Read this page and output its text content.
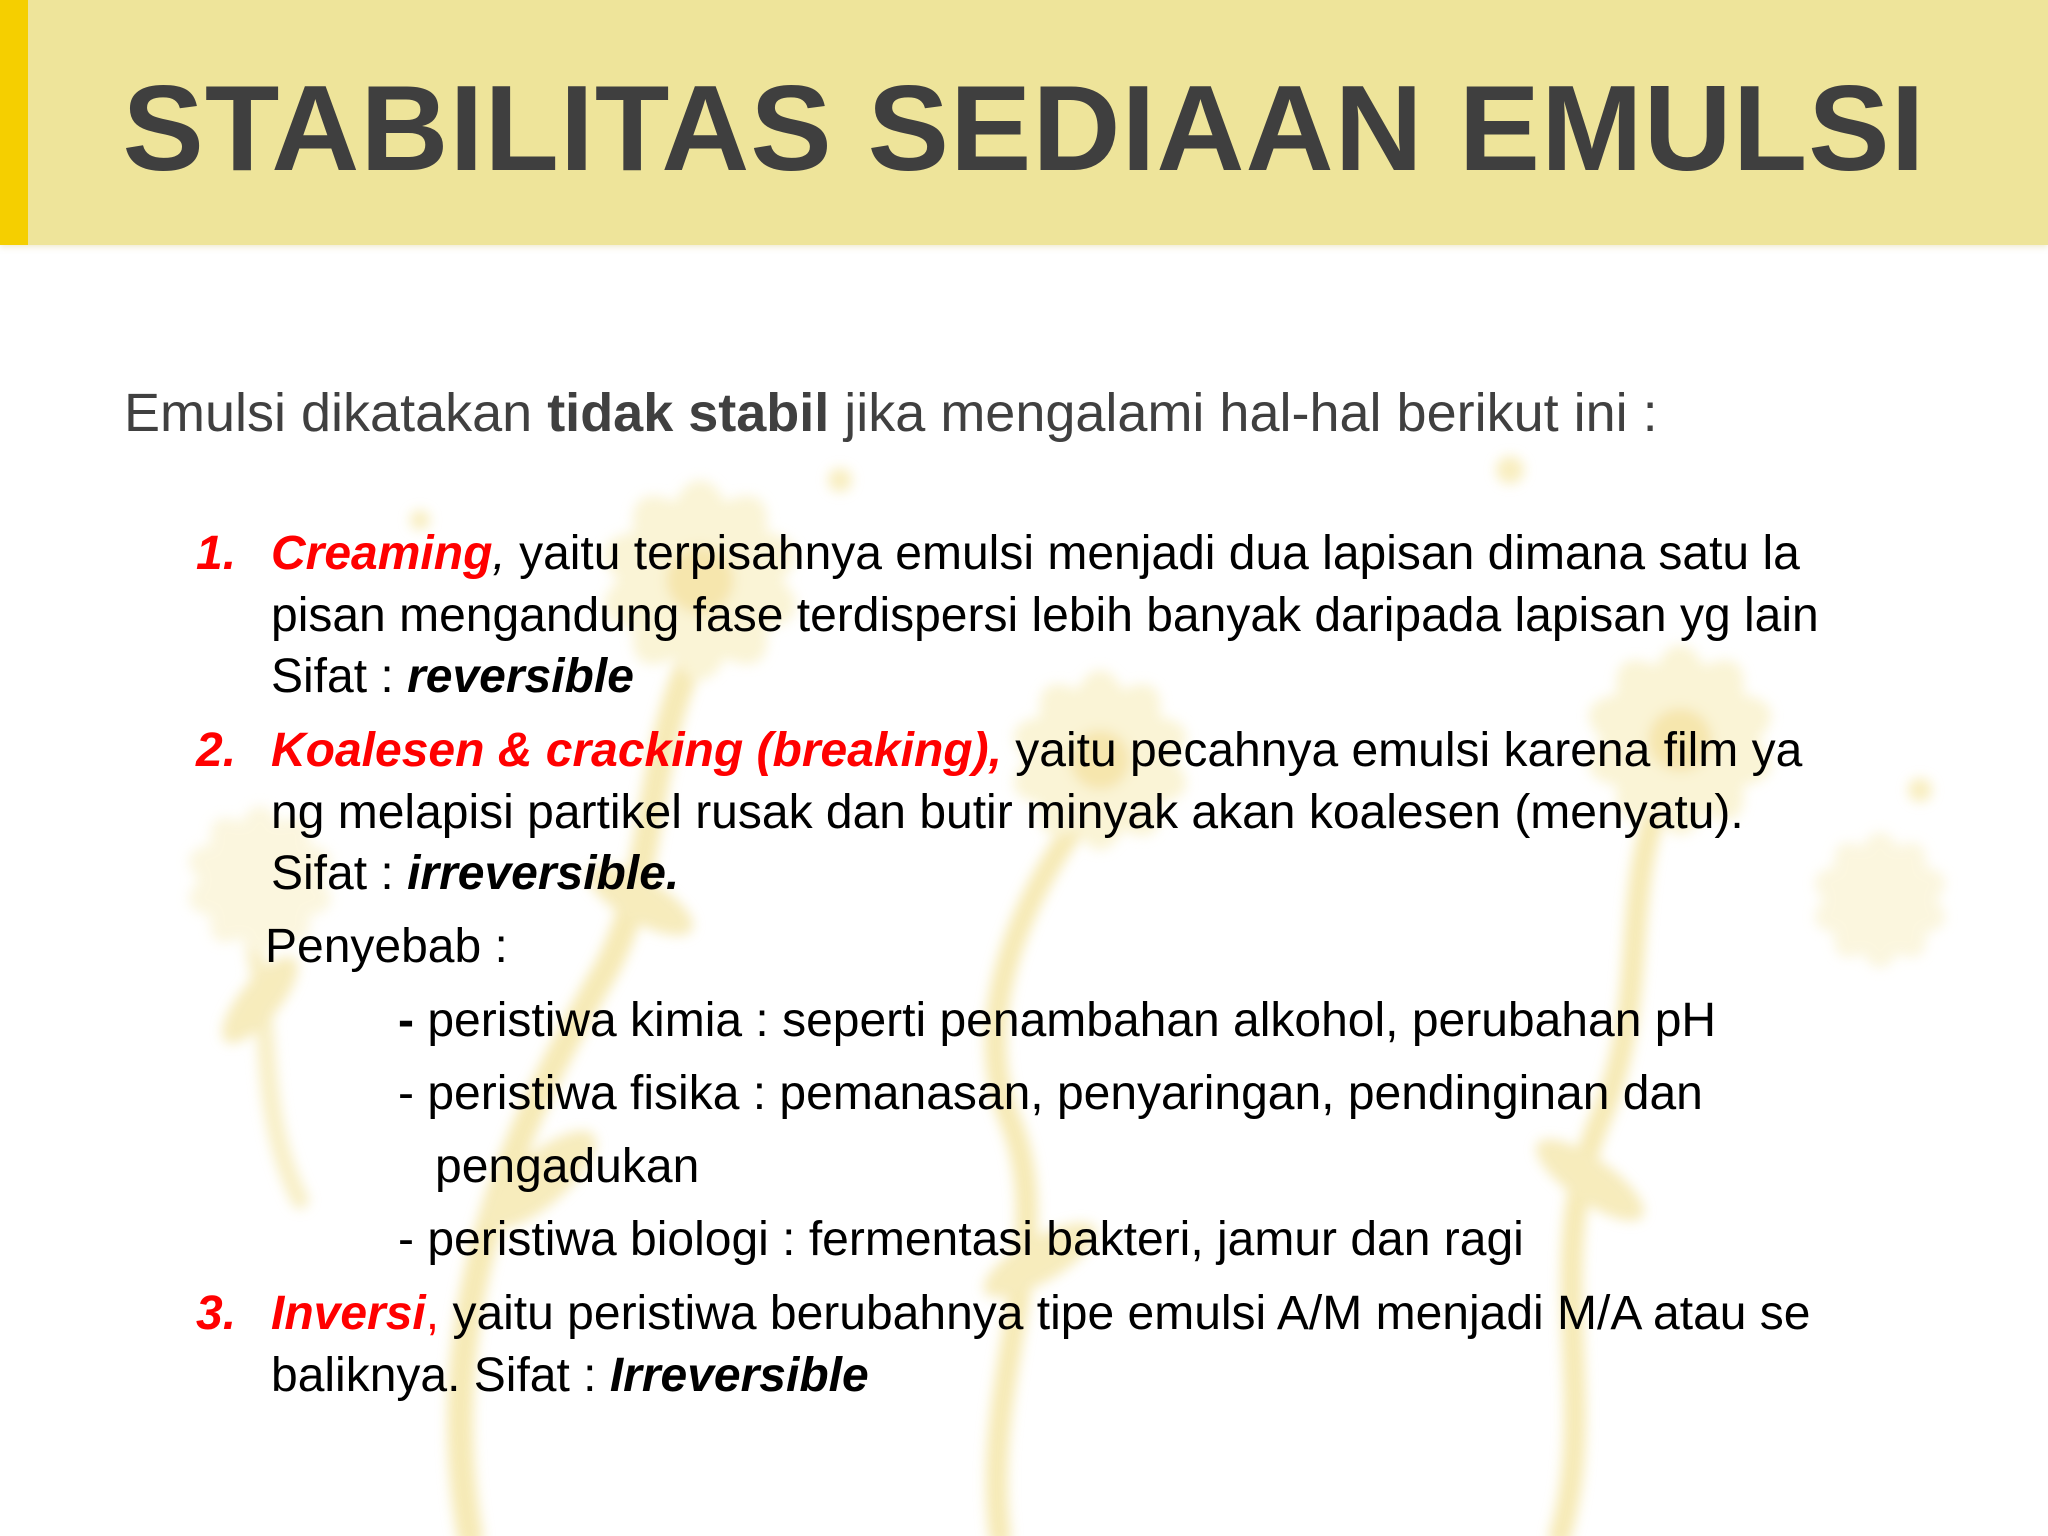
STABILITAS SEDIAAN EMULSI
Emulsi dikatakan tidak stabil jika mengalami hal-hal berikut ini :
1. Creaming, yaitu terpisahnya emulsi menjadi dua lapisan dimana satu la
pisan mengandung fase terdispersi lebih banyak daripada lapisan yg lain
Sifat : reversible
2. Koalesen & cracking (breaking), yaitu pecahnya emulsi karena film ya
ng melapisi partikel rusak dan butir minyak akan koalesen (menyatu).
Sifat : irreversible.
Penyebab :
- peristiwa kimia : seperti penambahan alkohol, perubahan pH
- peristiwa fisika : pemanasan, penyaringan, pendinginan dan
pengadukan
- peristiwa biologi : fermentasi bakteri, jamur dan ragi
3. Inversi, yaitu peristiwa berubahnya tipe emulsi A/M menjadi M/A atau se
baliknya. Sifat : Irreversible
